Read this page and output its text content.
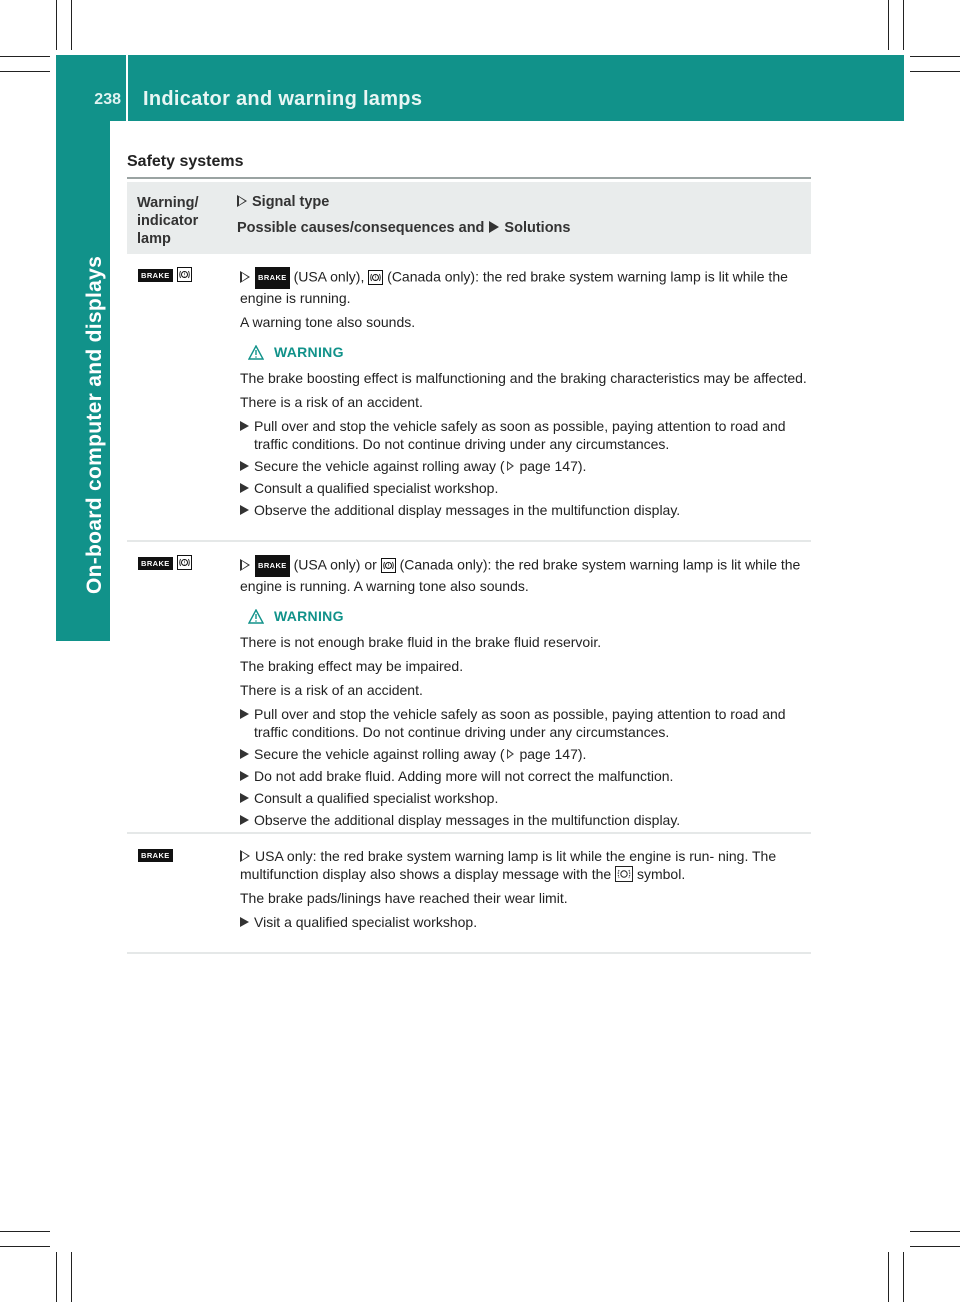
238 Indicator and warning lamps
On-board computer and displays
Safety systems
Warning/ indicator lamp
Signal type
Possible causes/consequences and Solutions
BRAKE !	BRAKE (USA only), ! (Canada only): the red brake system warning lamp is lit while the engine is running.

A warning tone also sounds.

WARNING

The brake boosting effect is malfunctioning and the braking characteristics may be affected.

There is a risk of an accident.

Pull over and stop the vehicle safely as soon as possible, paying attention to road and traffic conditions. Do not continue driving under any circumstances.
Secure the vehicle against rolling away ( page 147).
Consult a qualified specialist workshop.
Observe the additional display messages in the multifunction display.
BRAKE !	BRAKE (USA only) or ! (Canada only): the red brake system warning lamp is lit while the engine is running. A warning tone also sounds.

WARNING

There is not enough brake fluid in the brake fluid reservoir.

The braking effect may be impaired.

There is a risk of an accident.

Pull over and stop the vehicle safely as soon as possible, paying attention to road and traffic conditions. Do not continue driving under any circumstances.
Secure the vehicle against rolling away ( page 147).
Do not add brake fluid. Adding more will not correct the malfunction.
Consult a qualified specialist workshop.
Observe the additional display messages in the multifunction display.
BRAKE	USA only: the red brake system warning lamp is lit while the engine is run- ning. The multifunction display also shows a display message with the symbol.

The brake pads/linings have reached their wear limit.

Visit a qualified specialist workshop.
